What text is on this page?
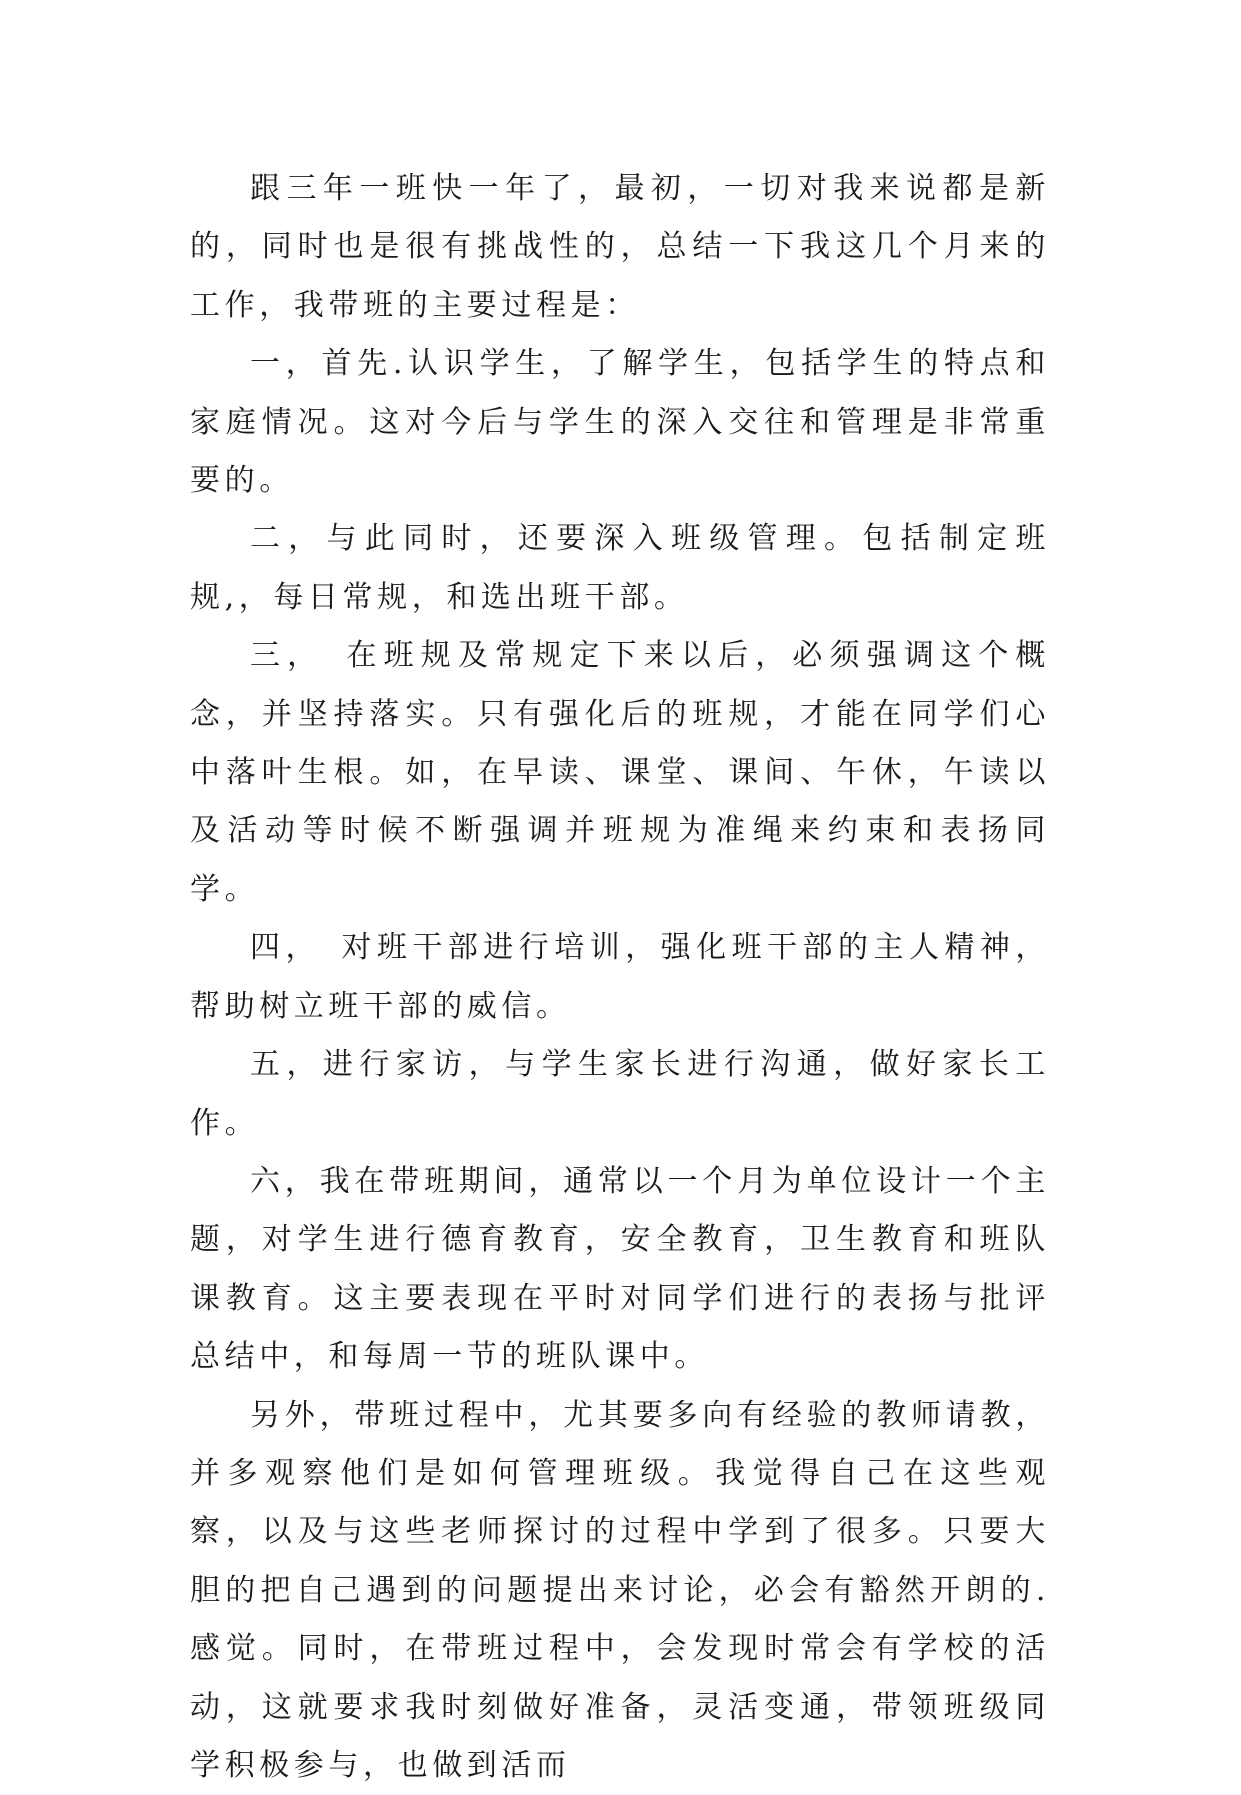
跟三年一班快一年了，最初，一切对我来说都是新的，同时也是很有挑战性的，总结一下我这几个月来的工作，我带班的主要过程是：

一，首先.认识学生，了解学生，包括学生的特点和家庭情况。这对今后与学生的深入交往和管理是非常重要的。

二，与此同时，还要深入班级管理。包括制定班规,，每日常规，和选出班干部。

三，　在班规及常规定下来以后，必须强调这个概念，并坚持落实。只有强化后的班规，才能在同学们心中落叶生根。如，在早读、课堂、课间、午休，午读以及活动等时候不断强调并班规为准绳来约束和表扬同学。

四，　对班干部进行培训，强化班干部的主人精神，帮助树立班干部的威信。

五，进行家访，与学生家长进行沟通，做好家长工作。

六，我在带班期间，通常以一个月为单位设计一个主题，对学生进行德育教育，安全教育，卫生教育和班队课教育。这主要表现在平时对同学们进行的表扬与批评总结中，和每周一节的班队课中。

另外，带班过程中，尤其要多向有经验的教师请教，并多观察他们是如何管理班级。我觉得自己在这些观察，以及与这些老师探讨的过程中学到了很多。只要大胆的把自己遇到的问题提出来讨论，必会有豁然开朗的.感觉。同时，在带班过程中，会发现时常会有学校的活动，这就要求我时刻做好准备，灵活变通，带领班级同学积极参与，也做到活而
